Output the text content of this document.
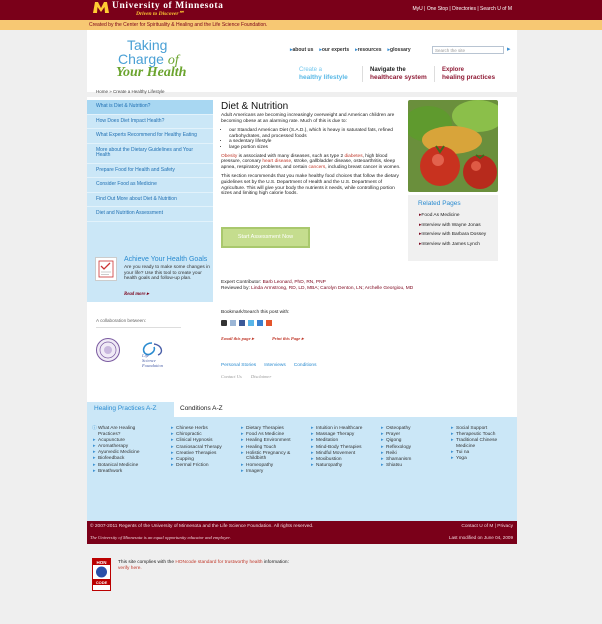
University of Minnesota
Driven to Discover℠
MyU | One Stop | Directories | Search U of M
Created by the Center for Spirituality & Healing and the Life Science Foundation.
Taking
Charge of
Your Health
▸ about us	▸ our experts	▸ resources	▸ glossary	Search the site	▸
Create a
healthy lifestyle
Navigate the
healthcare system
Explore
healing practices
Home » Create a Healthy Lifestyle
What is Diet & Nutrition?
How Does Diet Impact Health?
What Experts Recommend for Healthy Eating
More about the Dietary Guidelines and Your Health
Prepare Food for Health and Safety
Consider Food as Medicine
Find Out More about Diet & Nutrition
Diet and Nutrition Assessment
Achieve Your Health Goals
Are you ready to make some changes in your life? Use this tool to create your health goals and follow-up plan.
Read more ▸
A collaboration between:
Life
Science
Foundation
Diet & Nutrition

Adult Americans are becoming increasingly overweight and American children are becoming obese at an alarming rate. Much of this is due to:

• our Standard American Diet (S.A.D.), which is heavy in saturated fats, refined carbohydrates, and processed foods
• a sedentary lifestyle
• large portion sizes

Obesity is associated with many diseases, such as type 2 diabetes, high blood pressure, coronary heart disease, stroke, gallbladder disease, osteoarthritis, sleep apnea, respiratory problems, and certain cancers, including breast cancer in women.

This section recommends that you make healthy food choices that follow the dietary guidelines set by the U.S. Department of Health and the U.S. Department of Agriculture. This will give your body the nutrients it needs, while controlling portion sizes and limiting high calorie foods.

Start Assessment Now
Expert Contributor: Barb Leonard, PhD, RN, PNP
Reviewed by: Linda Armstrong, RD, LD, MBA; Carolyn Denton, LN; Archelle Georgiou, MD
Bookmark/Search this post with:
Email this page ▸	Print this Page ▸
Personal Stories Interviews Conditions
Contact Us Disclaimer
Related Pages
▸ Food As Medicine
▸ Interview with Wayne Jonas
▸ Interview with Barbara Dossey
▸ Interview with James Lynch
Healing Practices A-Z	Conditions A-Z
ⓘ What Are Healing Practices?
▸ Acupuncture
▸ Aromatherapy
▸ Ayurvedic Medicine
▸ Biofeedback
▸ Botanical Medicine
▸ Breathwork
▸ Chinese Herbs
▸ Chiropractic
▸ Clinical Hypnosis
▸ Craniosacral Therapy
▸ Creative Therapies
▸ Cupping
▸ Dermal Friction
▸ Dietary Therapies
▸ Food As Medicine
▸ Healing Environment
▸ Healing Touch
▸ Holistic Pregnancy & Childbirth
▸ Homeopathy
▸ Imagery
▸ Intuition in Healthcare
▸ Massage Therapy
▸ Meditation
▸ Mind-Body Therapies
▸ Mindful Movement
▸ Moxibustion
▸ Naturopathy
▸ Osteopathy
▸ Prayer
▸ Qigong
▸ Reflexology
▸ Reiki
▸ Shamanism
▸ Shiatsu
▸ Social Support
▸ Therapeutic Touch
▸ Traditional Chinese Medicine
▸ Tui na
▸ Yoga
© 2007-2011 Regents of the University of Minnesota and the Life Science Foundation. All rights reserved.	Contact U of M | Privacy
The University of Minnesota is an equal opportunity educator and employer.	Last modified on June 04, 2009
HON
CODE
This site complies with the HONcode standard for trustworthy health information:
verify here.
